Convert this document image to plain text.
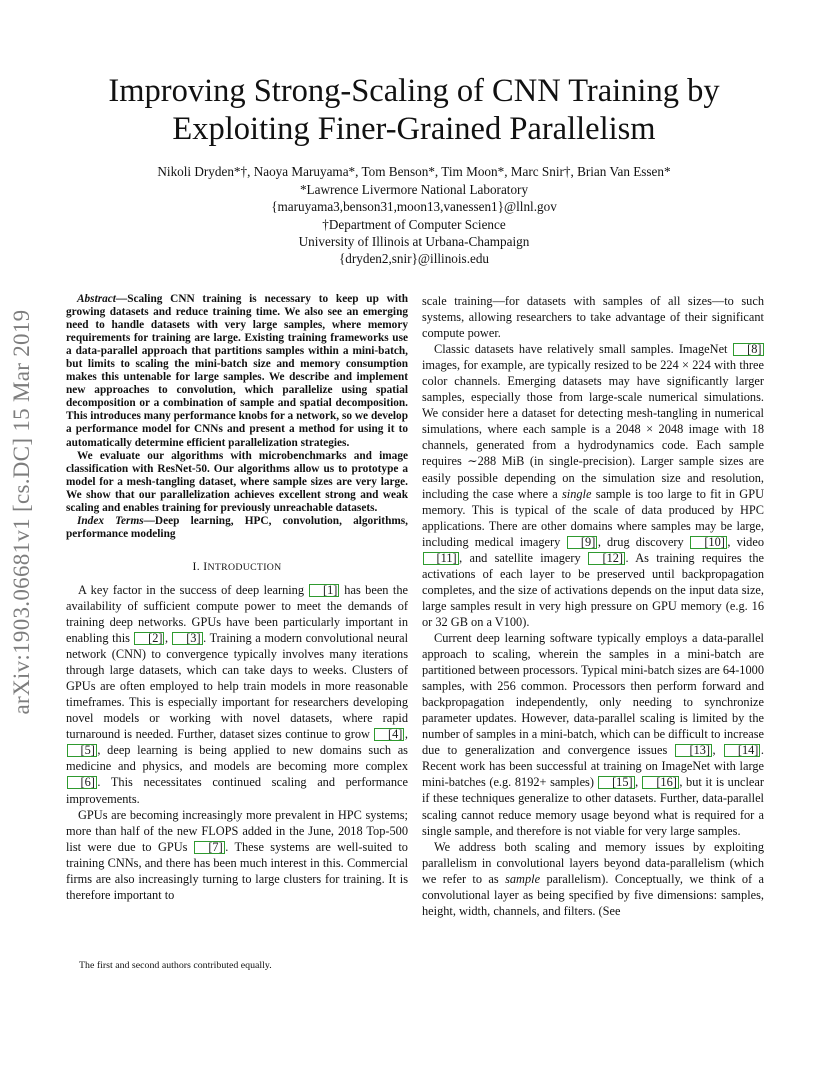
arXiv:1903.06681v1 [cs.DC] 15 Mar 2019
Improving Strong-Scaling of CNN Training by
Exploiting Finer-Grained Parallelism
Nikoli Dryden*†, Naoya Maruyama*, Tom Benson*, Tim Moon*, Marc Snir†, Brian Van Essen*
*Lawrence Livermore National Laboratory
{maruyama3,benson31,moon13,vanessen1}@llnl.gov
†Department of Computer Science
University of Illinois at Urbana-Champaign
{dryden2,snir}@illinois.edu

Abstract—Scaling CNN training is necessary to keep up with growing datasets and reduce training time. We also see an emerging need to handle datasets with very large samples, where memory requirements for training are large. Existing training frameworks use a data-parallel approach that partitions samples within a mini-batch, but limits to scaling the mini-batch size and memory consumption makes this untenable for large samples. We describe and implement new approaches to convolution, which parallelize using spatial decomposition or a combination of sample and spatial decomposition. This introduces many performance knobs for a network, so we develop a performance model for CNNs and present a method for using it to automatically determine efficient parallelization strategies.

We evaluate our algorithms with microbenchmarks and image classification with ResNet-50. Our algorithms allow us to prototype a model for a mesh-tangling dataset, where sample sizes are very large. We show that our parallelization achieves excellent strong and weak scaling and enables training for previously unreachable datasets.

Index Terms—Deep learning, HPC, convolution, algorithms, performance modeling

I. INTRODUCTION

A key factor in the success of deep learning [1] has been the availability of sufficient compute power to meet the demands of training deep networks. GPUs have been particularly important in enabling this [2] , [3] . Training a modern convolutional neural network (CNN) to convergence typically involves many iterations through large datasets, which can take days to weeks. Clusters of GPUs are often employed to help train models in more reasonable timeframes. This is especially important for researchers developing novel models or working with novel datasets, where rapid turnaround is needed. Further, dataset sizes continue to grow [4] , [5] , deep learning is being applied to new domains such as medicine and physics, and models are becoming more complex [6] . This necessitates continued scaling and performance improvements.

GPUs are becoming increasingly more prevalent in HPC systems; more than half of the new FLOPS added in the June, 2018 Top-500 list were due to GPUs [7] . These systems are well-suited to training CNNs, and there has been much interest in this. Commercial firms are also increasingly turning to large clusters for training. It is therefore important to

scale training—for datasets with samples of all sizes—to such systems, allowing researchers to take advantage of their significant compute power.

Classic datasets have relatively small samples. ImageNet [8] images, for example, are typically resized to be 224 × 224 with three color channels. Emerging datasets may have significantly larger samples, especially those from large-scale numerical simulations. We consider here a dataset for detecting mesh-tangling in numerical simulations, where each sample is a 2048 × 2048 image with 18 channels, generated from a hydrodynamics code. Each sample requires ∼288 MiB (in single-precision). Larger sample sizes are easily possible depending on the simulation size and resolution, including the case where a single sample is too large to fit in GPU memory. This is typical of the scale of data produced by HPC applications. There are other domains where samples may be large, including medical imagery [9] , drug discovery [10] , video [11] , and satellite imagery [12] . As training requires the activations of each layer to be preserved until backpropagation completes, and the size of activations depends on the input data size, large samples result in very high pressure on GPU memory (e.g. 16 or 32 GB on a V100).

Current deep learning software typically employs a data-parallel approach to scaling, wherein the samples in a mini-batch are partitioned between processors. Typical mini-batch sizes are 64-1000 samples, with 256 common. Processors then perform forward and backpropagation independently, only needing to synchronize parameter updates. However, data-parallel scaling is limited by the number of samples in a mini-batch, which can be difficult to increase due to generalization and convergence issues [13] , [14] . Recent work has been successful at training on ImageNet with large mini-batches (e.g. 8192+ samples) [15] , [16] , but it is unclear if these techniques generalize to other datasets. Further, data-parallel scaling cannot reduce memory usage beyond what is required for a single sample, and therefore is not viable for very large samples.

We address both scaling and memory issues by exploiting parallelism in convolutional layers beyond data-parallelism (which we refer to as sample parallelism). Conceptually, we think of a convolutional layer as being specified by five dimensions: samples, height, width, channels, and filters. (See

The first and second authors contributed equally.
